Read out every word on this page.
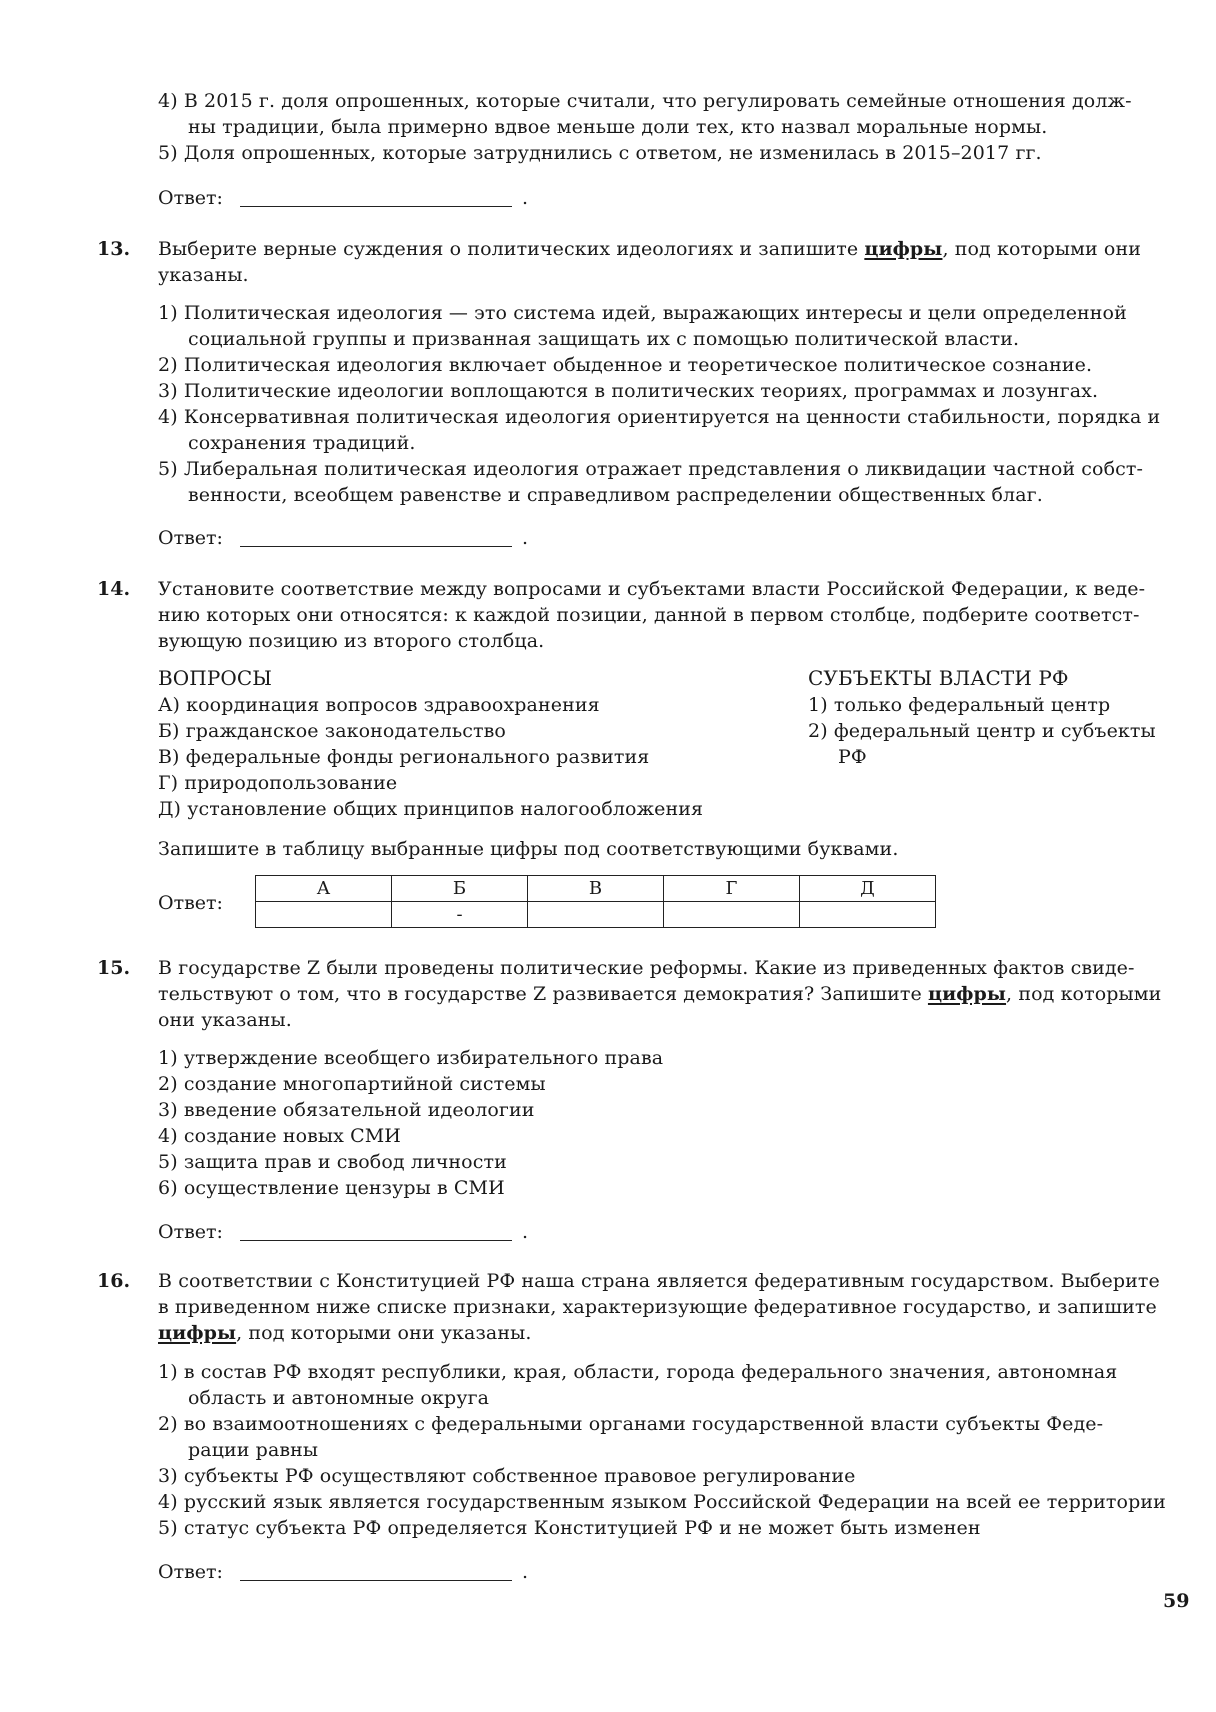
4) В 2015 г. доля опрошенных, которые считали, что регулировать семейные отношения долж-
ны традиции, была примерно вдвое меньше доли тех, кто назвал моральные нормы.
5) Доля опрошенных, которые затруднились с ответом, не изменилась в 2015–2017 гг.
Ответ:	.
13. Выберите верные суждения о политических идеологиях и запишите цифры, под которыми они
указаны.
1) Политическая идеология — это система идей, выражающих интересы и цели определенной
социальной группы и призванная защищать их с помощью политической власти.
2) Политическая идеология включает обыденное и теоретическое политическое сознание.
3) Политические идеологии воплощаются в политических теориях, программах и лозунгах.
4) Консервативная политическая идеология ориентируется на ценности стабильности, порядка и
сохранения традиций.
5) Либеральная политическая идеология отражает представления о ликвидации частной собст-
венности, всеобщем равенстве и справедливом распределении общественных благ.
Ответ:	.
14. Установите соответствие между вопросами и субъектами власти Российской Федерации, к веде-
нию которых они относятся: к каждой позиции, данной в первом столбце, подберите соответст-
вующую позицию из второго столбца.
ВОПРОСЫ
А) координация вопросов здравоохранения
Б) гражданское законодательство
В) федеральные фонды регионального развития
Г) природопользование
Д) установление общих принципов налогообложения
СУБЪЕКТЫ ВЛАСТИ РФ
1) только федеральный центр
2) федеральный центр и субъекты
РФ
Запишите в таблицу выбранные цифры под соответствующими буквами.
Ответ:
А	Б	В	Г	Д
	-			
15. В государстве Z были проведены политические реформы. Какие из приведенных фактов свиде-
тельствуют о том, что в государстве Z развивается демократия? Запишите цифры, под которыми
они указаны.
1) утверждение всеобщего избирательного права
2) создание многопартийной системы
3) введение обязательной идеологии
4) создание новых СМИ
5) защита прав и свобод личности
6) осуществление цензуры в СМИ
Ответ:	.
16. В соответствии с Конституцией РФ наша страна является федеративным государством. Выберите
в приведенном ниже списке признаки, характеризующие федеративное государство, и запишите
цифры, под которыми они указаны.
1) в состав РФ входят республики, края, области, города федерального значения, автономная
область и автономные округа
2) во взаимоотношениях с федеральными органами государственной власти субъекты Феде-
рации равны
3) субъекты РФ осуществляют собственное правовое регулирование
4) русский язык является государственным языком Российской Федерации на всей ее территории
5) статус субъекта РФ определяется Конституцией РФ и не может быть изменен
Ответ:	.
59
